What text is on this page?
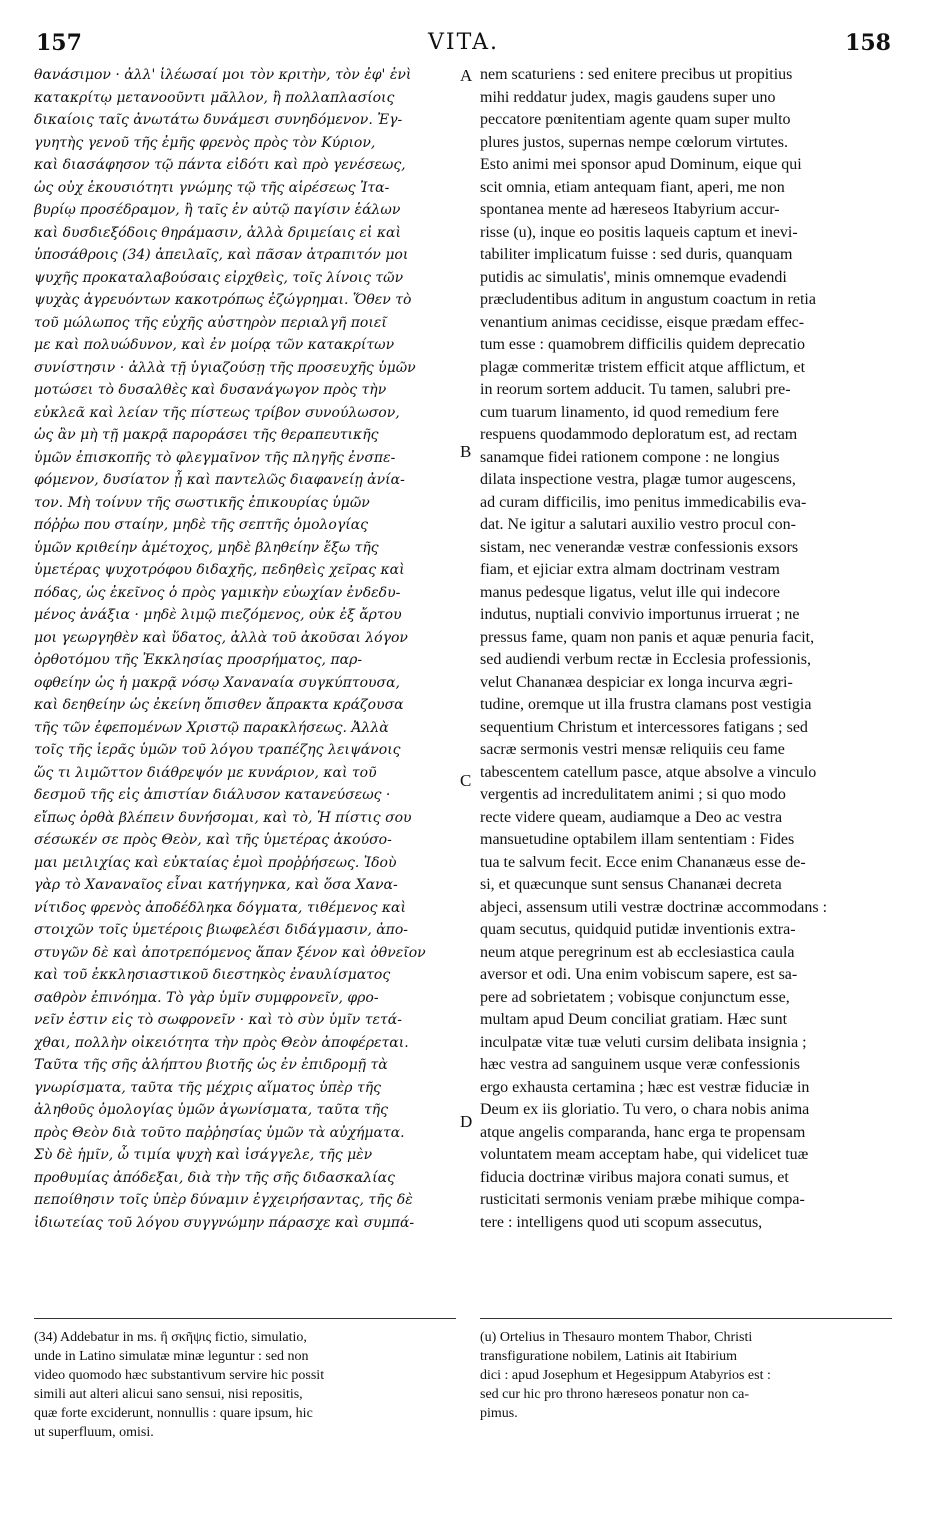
VITA.
157	158
θανάσιμον · ἀλλ' ἱλέωσαί μοι τὸν κριτὴν, τὸν ἐφ' ἑνὶ
κατακρίτῳ μετανοοῦντι μᾶλλον, ἢ πολλαπλασίοις
δικαίοις ταῖς ἀνωτάτω δυνάμεσι συνηδόμενον. Ἐγ-
γυητὴς γενοῦ τῆς ἐμῆς φρενὸς πρὸς τὸν Κύριον,
καὶ διασάφησον τῷ πάντα εἰδότι καὶ πρὸ γενέσεως,
ὡς οὐχ ἑκουσιότητι γνώμης τῷ τῆς αἱρέσεως Ἰτα-
βυρίῳ προσέδραμον, ἢ ταῖς ἐν αὐτῷ παγίσιν ἑάλων
καὶ δυσδιεξόδοις θηράμασιν, ἀλλὰ δριμείαις εἰ καὶ
ὑποσάθροις (34) ἀπειλαῖς, καὶ πᾶσαν ἀτραπιτόν μοι
ψυχῆς προκαταλαβούσαις εἰρχθεὶς, τοῖς λίνοις τῶν
ψυχὰς ἀγρευόντων κακοτρόπως ἐζώγρημαι. Ὅθεν τὸ
τοῦ μώλωπος τῆς εὐχῆς αὐστηρὸν περιαλγῆ ποιεῖ
με καὶ πολυώδυνον, καὶ ἐν μοίρᾳ τῶν κατακρίτων
συνίστησιν · ἀλλὰ τῇ ὑγιαζούσῃ τῆς προσευχῆς ὑμῶν
μοτώσει τὸ δυσαλθὲς καὶ δυσανάγωγον πρὸς τὴν
εὐκλεᾶ καὶ λείαν τῆς πίστεως τρίβον συνούλωσον,
ὡς ἂν μὴ τῇ μακρᾷ παροράσει τῆς θεραπευτικῆς
ὑμῶν ἐπισκοπῆς τὸ φλεγμαῖνον τῆς πληγῆς ἐνσπε-
φόμενον, δυσίατον ᾖ καὶ παντελῶς διαφανείῃ ἀνία-
τον. Μὴ τοίνυν τῆς σωστικῆς ἐπικουρίας ὑμῶν
πόῤῥω που σταίην, μηδὲ τῆς σεπτῆς ὁμολογίας
ὑμῶν κριθείην ἀμέτοχος, μηδὲ βληθείην ἔξω τῆς
ὑμετέρας ψυχοτρόφου διδαχῆς, πεδηθεὶς χεῖρας καὶ
πόδας, ὡς ἐκεῖνος ὁ πρὸς γαμικὴν εὐωχίαν ἐνδεδυ-
μένος ἀνάξια · μηδὲ λιμῷ πιεζόμενος, οὐκ ἐξ ἄρτου
μοι γεωργηθὲν καὶ ὕδατος, ἀλλὰ τοῦ ἀκοῦσαι λόγον
ὀρθοτόμου τῆς Ἐκκλησίας προσρήματος, παρ-
οφθείην ὡς ἡ μακρᾷ νόσῳ Χαναναία συγκύπτουσα,
καὶ δεηθείην ὡς ἐκείνη ὄπισθεν ἄπρακτα κράζουσα
τῆς τῶν ἐφεπομένων Χριστῷ παρακλήσεως. Ἀλλὰ
τοῖς τῆς ἱερᾶς ὑμῶν τοῦ λόγου τραπέζης λειψάνοις
ὥς τι λιμῶττον διάθρεψόν με κυνάριον, καὶ τοῦ
δεσμοῦ τῆς εἰς ἀπιστίαν διάλυσον κατανεύσεως ·
εἴπως ὀρθὰ βλέπειν δυνήσομαι, καὶ τὸ, Ἡ πίστις σου
σέσωκέν σε πρὸς Θεὸν, καὶ τῆς ὑμετέρας ἀκούσο-
μαι μειλιχίας καὶ εὐκταίας ἐμοὶ προῤῥήσεως. Ἰδοὺ
γὰρ τὸ Χαναναῖος εἶναι κατήγηνκα, καὶ ὅσα Χανα-
νίτιδος φρενὸς ἀποδέδληκα δόγματα, τιθέμενος καὶ
στοιχῶν τοῖς ὑμετέροις βιωφελέσι διδάγμασιν, ἀπο-
στυγῶν δὲ καὶ ἀποτρεπόμενος ἅπαν ξένον καὶ ὀθνεῖον
καὶ τοῦ ἐκκλησιαστικοῦ διεστηκὸς ἐναυλίσματος
σαθρὸν ἐπινόημα. Τὸ γὰρ ὑμῖν συμφρονεῖν, φρο-
νεῖν ἐστιν εἰς τὸ σωφρονεῖν · καὶ τὸ σὺν ὑμῖν τετά-
χθαι, πολλὴν οἰκειότητα τὴν πρὸς Θεὸν ἀποφέρεται.
Ταῦτα τῆς σῆς ἀλήπτου βιοτῆς ὡς ἐν ἐπιδρομῇ τὰ
γνωρίσματα, ταῦτα τῆς μέχρις αἵματος ὑπὲρ τῆς
ἀληθοῦς ὁμολογίας ὑμῶν ἀγωνίσματα, ταῦτα τῆς
πρὸς Θεὸν διὰ τοῦτο παῤῥησίας ὑμῶν τὰ αὐχήματα.
Σὺ δὲ ἡμῖν, ὦ τιμία ψυχὴ καὶ ἰσάγγελε, τῆς μὲν
προθυμίας ἀπόδεξαι, διὰ τὴν τῆς σῆς διδασκαλίας
πεποίθησιν τοῖς ὑπὲρ δύναμιν ἐγχειρήσαντας, τῆς δὲ
ἰδιωτείας τοῦ λόγου συγγνώμην πάρασχε καὶ συμπά-
nem scaturiens : sed enitere precibus ut propitius
mihi reddatur judex, magis gaudens super uno
peccatore pœnitentiam agente quam super multo
plures justos, supernas nempe cœlorum virtutes.
Esto animi mei sponsor apud Dominum, eique qui
scit omnia, etiam antequam fiant, aperi, me non
spontanea mente ad hæreseos Itabyrium accur-
risse (u), inque eo positis laqueis captum et inevi-
tabiliter implicatum fuisse : sed duris, quanquam
putidis ac simulatis', minis omnemque evadendi
præcludentibus aditum in angustum coactum in retia
venantium animas cecidisse, eisque prædam effec-
tum esse : quamobrem difficilis quidem deprecatio
plagæ commeritæ tristem efficit atque afflictum, et
in reorum sortem adducit. Tu tamen, salubri pre-
cum tuarum linamento, id quod remedium fere
respuens quodammodo deploratum est, ad rectam
sanamque fidei rationem compone : ne longius
dilata inspectione vestra, plagæ tumor augescens,
ad curam difficilis, imo penitus immedicabilis eva-
dat. Ne igitur a salutari auxilio vestro procul con-
sistam, nec venerandæ vestræ confessionis exsors
fiam, et ejiciar extra almam doctrinam vestram
manus pedesque ligatus, velut ille qui indecore
indutus, nuptiali convivio importunus irruerat ; ne
pressus fame, quam non panis et aquæ penuria facit,
sed audiendi verbum rectæ in Ecclesia professionis,
velut Chananæa despiciar ex longa incurva ægri-
tudine, oremque ut illa frustra clamans post vestigia
sequentium Christum et intercessores fatigans ; sed
sacræ sermonis vestri mensæ reliquiis ceu fame
tabescentem catellum pasce, atque absolve a vinculo
vergentis ad incredulitatem animi ; si quo modo
recte videre queam, audiamque a Deo ac vestra
mansuetudine optabilem illam sententiam : Fides
tua te salvum fecit. Ecce enim Chananæus esse de-
si, et quæcunque sunt sensus Chananæi decreta
abjeci, assensum utili vestræ doctrinæ accommodans :
quam secutus, quidquid putidæ inventionis extra-
neum atque peregrinum est ab ecclesiastica caula
aversor et odi. Una enim vobiscum sapere, est sa-
pere ad sobrietatem ; vobisque conjunctum esse,
multam apud Deum conciliat gratiam. Hæc sunt
inculpatæ vitæ tuæ veluti cursim delibata insignia ;
hæc vestra ad sanguinem usque veræ confessionis
ergo exhausta certamina ; hæc est vestræ fiduciæ in
Deum ex iis gloriatio. Tu vero, o chara nobis anima
atque angelis comparanda, hanc erga te propensam
voluntatem meam acceptam habe, qui videlicet tuæ
fiducia doctrinæ viribus majora conati sumus, et
rusticitati sermonis veniam præbe mihique compa-
tere : intelligens quod uti scopum assecutus,
A
B
C
D
(34) Addebatur in ms. ἢ σκῆψις fictio, simulatio,
unde in Latino simulatæ minæ leguntur : sed non
video quomodo hæc substantivum servire hic possit
simili aut alteri alicui sano sensui, nisi repositis,
quæ forte exciderunt, nonnullis : quare ipsum, hic
ut superfluum, omisi.
(u) Ortelius in Thesauro montem Thabor, Christi
transfiguratione nobilem, Latinis ait Itabirium
dici : apud Josephum et Hegesippum Atabyrios est :
sed cur hic pro throno hæreseos ponatur non ca-
pimus.
